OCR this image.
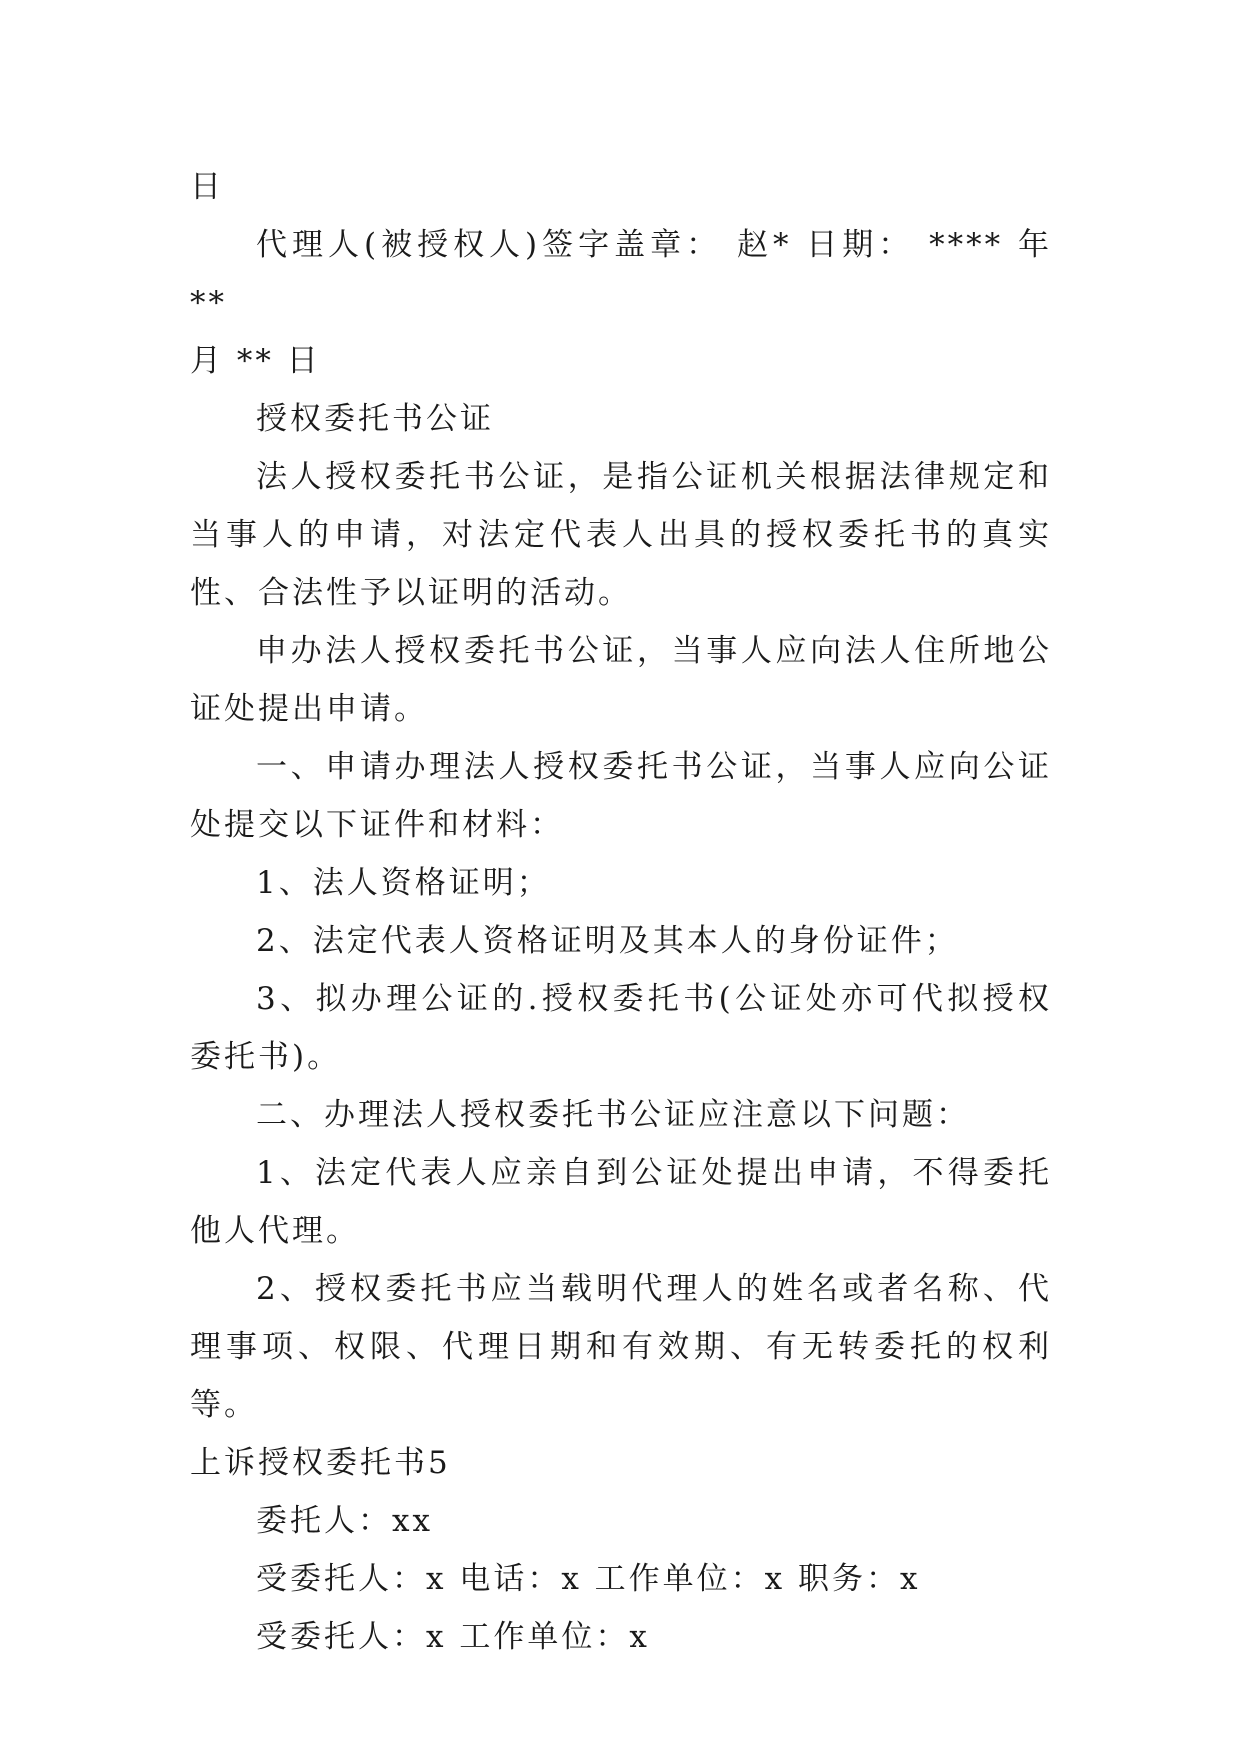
日

代理人(被授权人)签字盖章： 赵* 日期： **** 年 **

月 ** 日

授权委托书公证

法人授权委托书公证，是指公证机关根据法律规定和当事人的申请，对法定代表人出具的授权委托书的真实性、合法性予以证明的活动。

申办法人授权委托书公证，当事人应向法人住所地公证处提出申请。

一、申请办理法人授权委托书公证，当事人应向公证处提交以下证件和材料：

1、法人资格证明；

2、法定代表人资格证明及其本人的身份证件；

3、拟办理公证的.授权委托书(公证处亦可代拟授权委托书)。

二、办理法人授权委托书公证应注意以下问题：

1、法定代表人应亲自到公证处提出申请，不得委托他人代理。

2、授权委托书应当载明代理人的姓名或者名称、代理事项、权限、代理日期和有效期、有无转委托的权利等。

上诉授权委托书5

委托人：xx

受委托人：x 电话：x 工作单位：x 职务：x

受委托人：x 工作单位：x
